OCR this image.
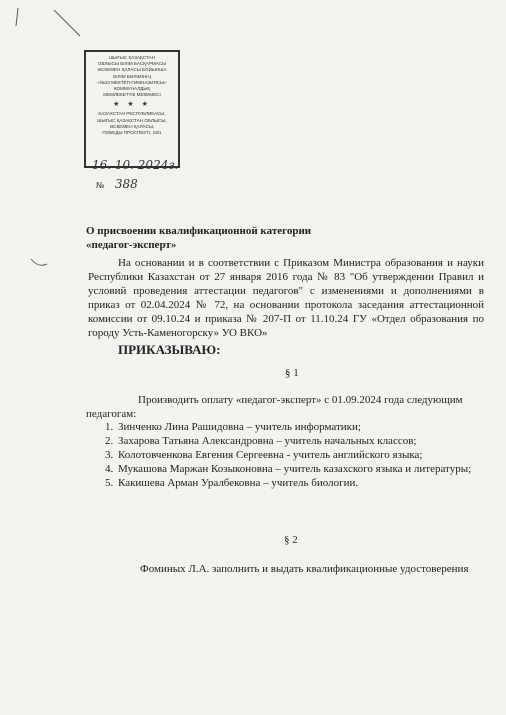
ШЫҒЫС ҚАЗАҚСТАН
ОБЛЫСЫ БІЛІМ БАСҚАРМАСЫ
ӨСКЕМЕН ҚАЛАСЫ БОЙЫНША
БІЛІМ БӨЛІМІНІҢ
«№10 МЕКТЕП-ГИМНАЗИЯСЫ»
КОММУНАЛДЫҚ
МЕМЛЕКЕТТІК МЕКЕМЕСІ
★ ★ ★
КАЗАХСТАН РЕСПУБЛИКАСЫ,
ШЫҒЫС ҚАЗАҚСТАН ОБЛЫСЫ,
ӨСКЕМЕН ҚАЛАСЫ,
ПОБЕДЫ ПРОСПЕКТІ, 19/1
16. 10. 2024г.
№ 388
О присвоении квалификационной категории
«педагог-эксперт»
На основании и в соответствии с Приказом Министра образования и науки Республики Казахстан от 27 января 2016 года № 83 "Об утверждении Правил и условий проведения аттестации педагогов" с изменениями и дополнениями в приказ от 02.04.2024 № 72, на основании протокола заседания аттестационной комиссии от 09.10.24 и приказа № 207-П от 11.10.24 ГУ «Отдел образования по городу Усть-Каменогорску» УО ВКО»
ПРИКАЗЫВАЮ:
§ 1
Производить оплату «педагог-эксперт» с 01.09.2024 года следующим педагогам:
1. Зинченко Лина Рашидовна – учитель информатики;
2. Захарова Татьяна Александровна – учитель начальных классов;
3. Колотовченкова Евгения Сергеевна - учитель английского языка;
4. Мукашова Маржан Козыконовна – учитель казахского языка и литературы;
5. Какишева Арман Уралбековна – учитель биологии.
§ 2
Фоминых Л.А. заполнить и выдать квалификационные удостоверения
